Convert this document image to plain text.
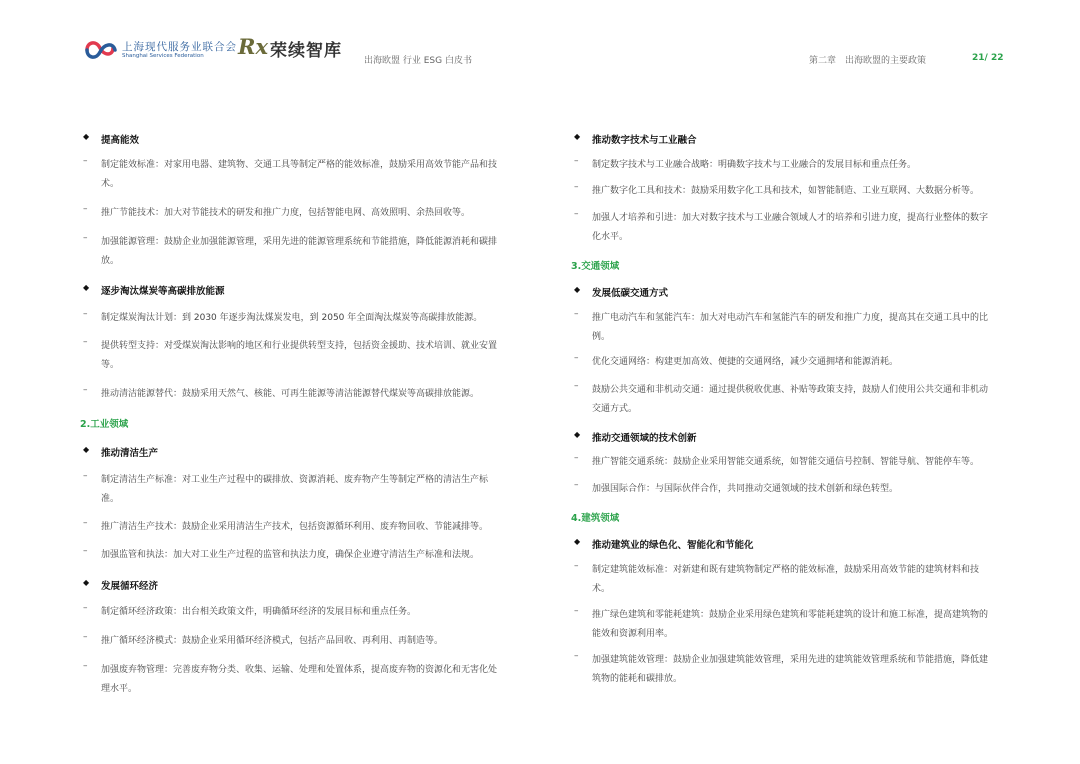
上海现代服务业联合会
Shanghai Services Federation Rx 荣续智库 出海欧盟 行业 ESG 白皮书	第二章　出海欧盟的主要政策	21/ 22
◆ 提高能效
– 制定能效标准：对家用电器、建筑物、交通工具等制定严格的能效标准，鼓励采用高效节能产品和技术。
– 推广节能技术：加大对节能技术的研发和推广力度，包括智能电网、高效照明、余热回收等。
– 加强能源管理：鼓励企业加强能源管理，采用先进的能源管理系统和节能措施，降低能源消耗和碳排放。
◆ 逐步淘汰煤炭等高碳排放能源
– 制定煤炭淘汰计划：到 2030 年逐步淘汰煤炭发电，到 2050 年全面淘汰煤炭等高碳排放能源。
– 提供转型支持：对受煤炭淘汰影响的地区和行业提供转型支持，包括资金援助、技术培训、就业安置等。
– 推动清洁能源替代：鼓励采用天然气、核能、可再生能源等清洁能源替代煤炭等高碳排放能源。
2.工业领域
◆ 推动清洁生产
– 制定清洁生产标准：对工业生产过程中的碳排放、资源消耗、废弃物产生等制定严格的清洁生产标准。
– 推广清洁生产技术：鼓励企业采用清洁生产技术，包括资源循环利用、废弃物回收、节能减排等。
– 加强监管和执法：加大对工业生产过程的监管和执法力度，确保企业遵守清洁生产标准和法规。
◆ 发展循环经济
– 制定循环经济政策：出台相关政策文件，明确循环经济的发展目标和重点任务。
– 推广循环经济模式：鼓励企业采用循环经济模式，包括产品回收、再利用、再制造等。
– 加强废弃物管理：完善废弃物分类、收集、运输、处理和处置体系，提高废弃物的资源化和无害化处理水平。
◆ 推动数字技术与工业融合
– 制定数字技术与工业融合战略：明确数字技术与工业融合的发展目标和重点任务。
– 推广数字化工具和技术：鼓励采用数字化工具和技术，如智能制造、工业互联网、大数据分析等。
– 加强人才培养和引进：加大对数字技术与工业融合领域人才的培养和引进力度，提高行业整体的数字化水平。
3.交通领域
◆ 发展低碳交通方式
– 推广电动汽车和氢能汽车：加大对电动汽车和氢能汽车的研发和推广力度，提高其在交通工具中的比例。
– 优化交通网络：构建更加高效、便捷的交通网络，减少交通拥堵和能源消耗。
– 鼓励公共交通和非机动交通：通过提供税收优惠、补贴等政策支持，鼓励人们使用公共交通和非机动交通方式。
◆ 推动交通领域的技术创新
– 推广智能交通系统：鼓励企业采用智能交通系统，如智能交通信号控制、智能导航、智能停车等。
– 加强国际合作：与国际伙伴合作，共同推动交通领域的技术创新和绿色转型。
4.建筑领域
◆ 推动建筑业的绿色化、智能化和节能化
– 制定建筑能效标准：对新建和既有建筑物制定严格的能效标准，鼓励采用高效节能的建筑材料和技术。
– 推广绿色建筑和零能耗建筑：鼓励企业采用绿色建筑和零能耗建筑的设计和施工标准，提高建筑物的能效和资源利用率。
– 加强建筑能效管理：鼓励企业加强建筑能效管理，采用先进的建筑能效管理系统和节能措施，降低建筑物的能耗和碳排放。
